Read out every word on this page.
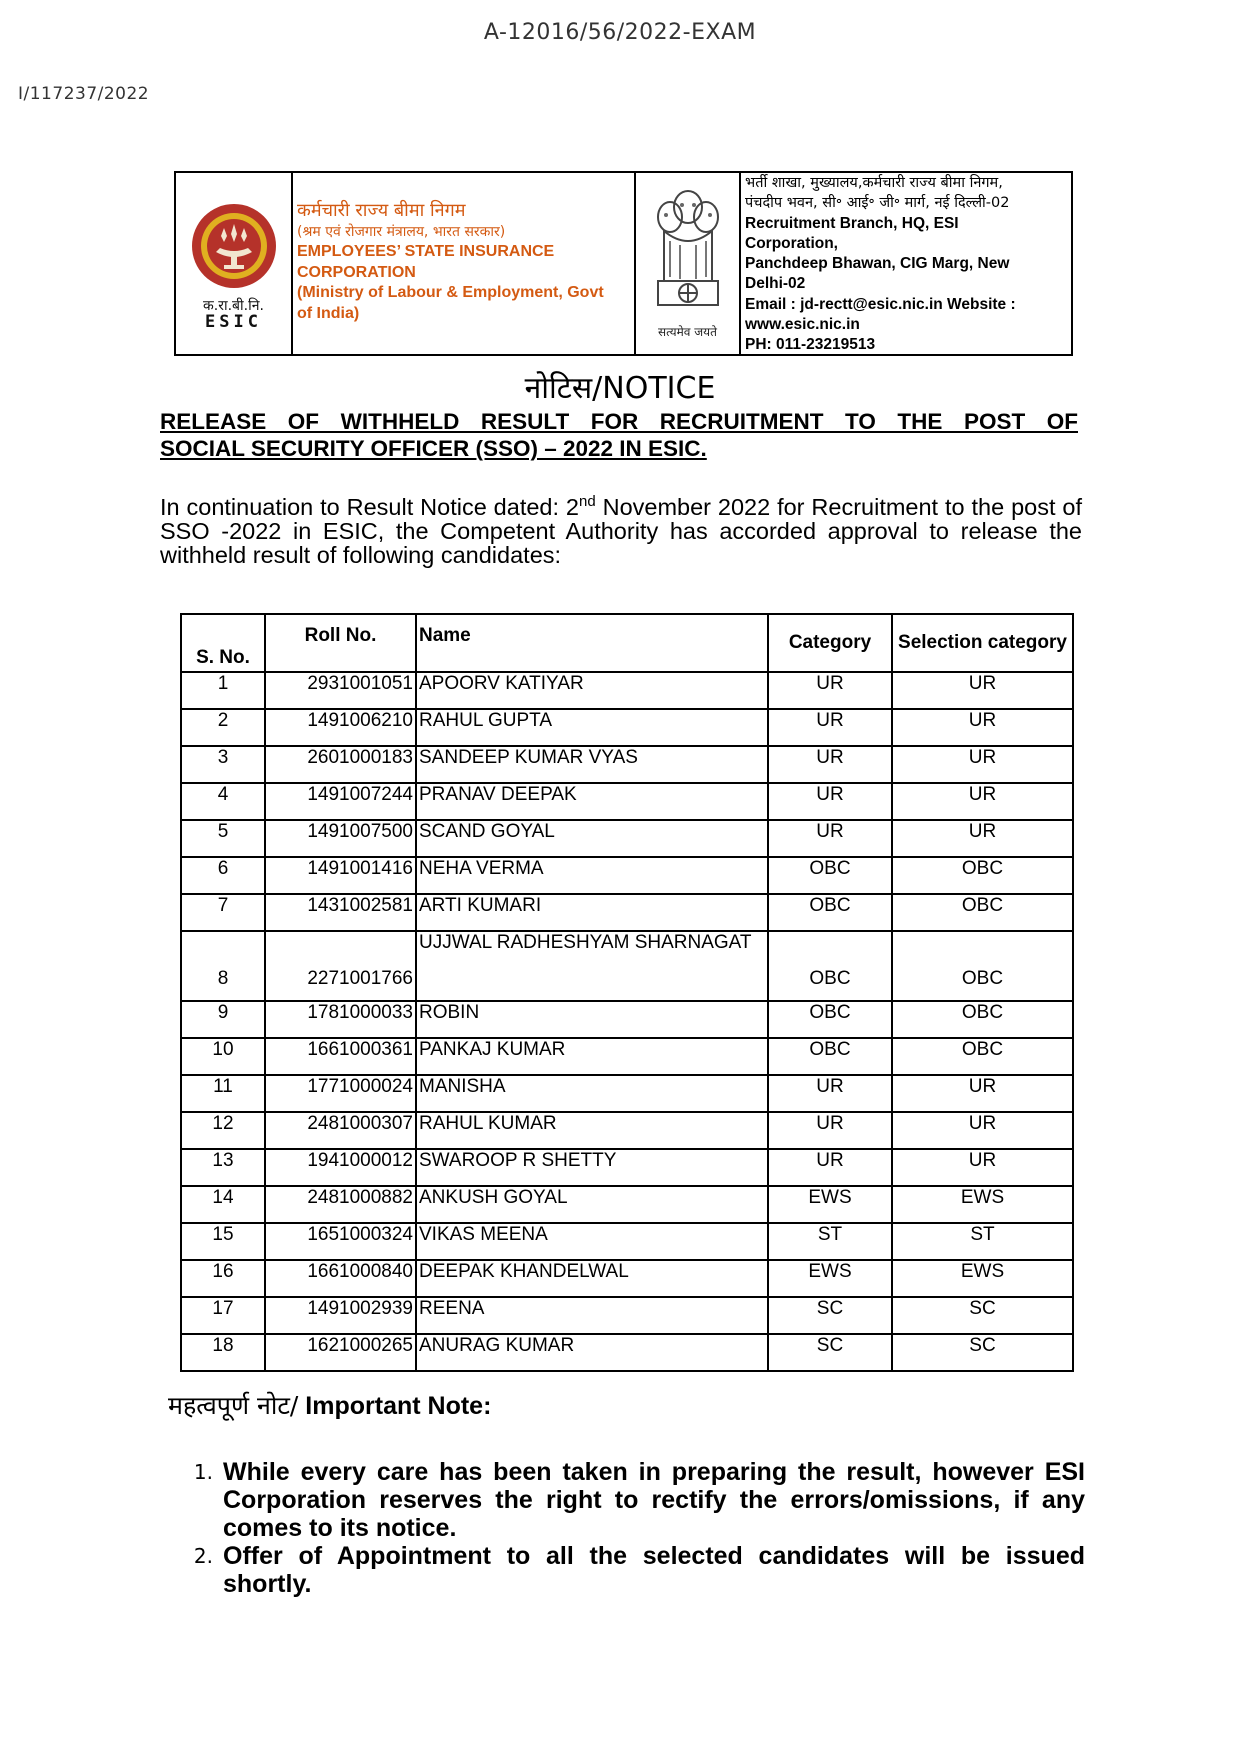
A-12016/56/2022-EXAM
I/117237/2022
क.रा.बी.नि.
ESIC
कर्मचारी राज्य बीमा निगम
(श्रम एवं रोजगार मंत्रालय, भारत सरकार)
EMPLOYEES’ STATE INSURANCE
CORPORATION
(Ministry of Labour & Employment, Govt
of India)
सत्यमेव जयते
भर्ती शाखा, मुख्यालय,कर्मचारी राज्य बीमा निगम,
पंचदीप भवन, सी॰ आई॰ जी॰ मार्ग, नई दिल्ली-02
Recruitment Branch, HQ, ESI
Corporation,
Panchdeep Bhawan, CIG Marg, New
Delhi-02
Email : jd-rectt@esic.nic.in Website :
www.esic.nic.in
PH: 011-23219513
नोटिस/NOTICE
RELEASE OF WITHHELD RESULT FOR RECRUITMENT TO THE POST OF
SOCIAL SECURITY OFFICER (SSO) – 2022 IN ESIC.
In continuation to Result Notice dated: 2nd November 2022 for Recruitment to the post of SSO -2022 in ESIC, the Competent Authority has accorded approval to release the withheld result of following candidates:
S. No.	Roll No.	Name	Category	Selection category
1	2931001051	APOORV KATIYAR	UR	UR
2	1491006210	RAHUL GUPTA	UR	UR
3	2601000183	SANDEEP KUMAR VYAS	UR	UR
4	1491007244	PRANAV DEEPAK	UR	UR
5	1491007500	SCAND GOYAL	UR	UR
6	1491001416	NEHA VERMA	OBC	OBC
7	1431002581	ARTI KUMARI	OBC	OBC
8	2271001766	UJJWAL RADHESHYAM SHARNAGAT	OBC	OBC
9	1781000033	ROBIN	OBC	OBC
10	1661000361	PANKAJ KUMAR	OBC	OBC
11	1771000024	MANISHA	UR	UR
12	2481000307	RAHUL KUMAR	UR	UR
13	1941000012	SWAROOP R SHETTY	UR	UR
14	2481000882	ANKUSH GOYAL	EWS	EWS
15	1651000324	VIKAS MEENA	ST	ST
16	1661000840	DEEPAK KHANDELWAL	EWS	EWS
17	1491002939	REENA	SC	SC
18	1621000265	ANURAG KUMAR	SC	SC
महत्वपूर्ण नोट/ Important Note:
1. While every care has been taken in preparing the result, however ESI Corporation reserves the right to rectify the errors/omissions, if any comes to its notice.
2. Offer of Appointment to all the selected candidates will be issued shortly.
